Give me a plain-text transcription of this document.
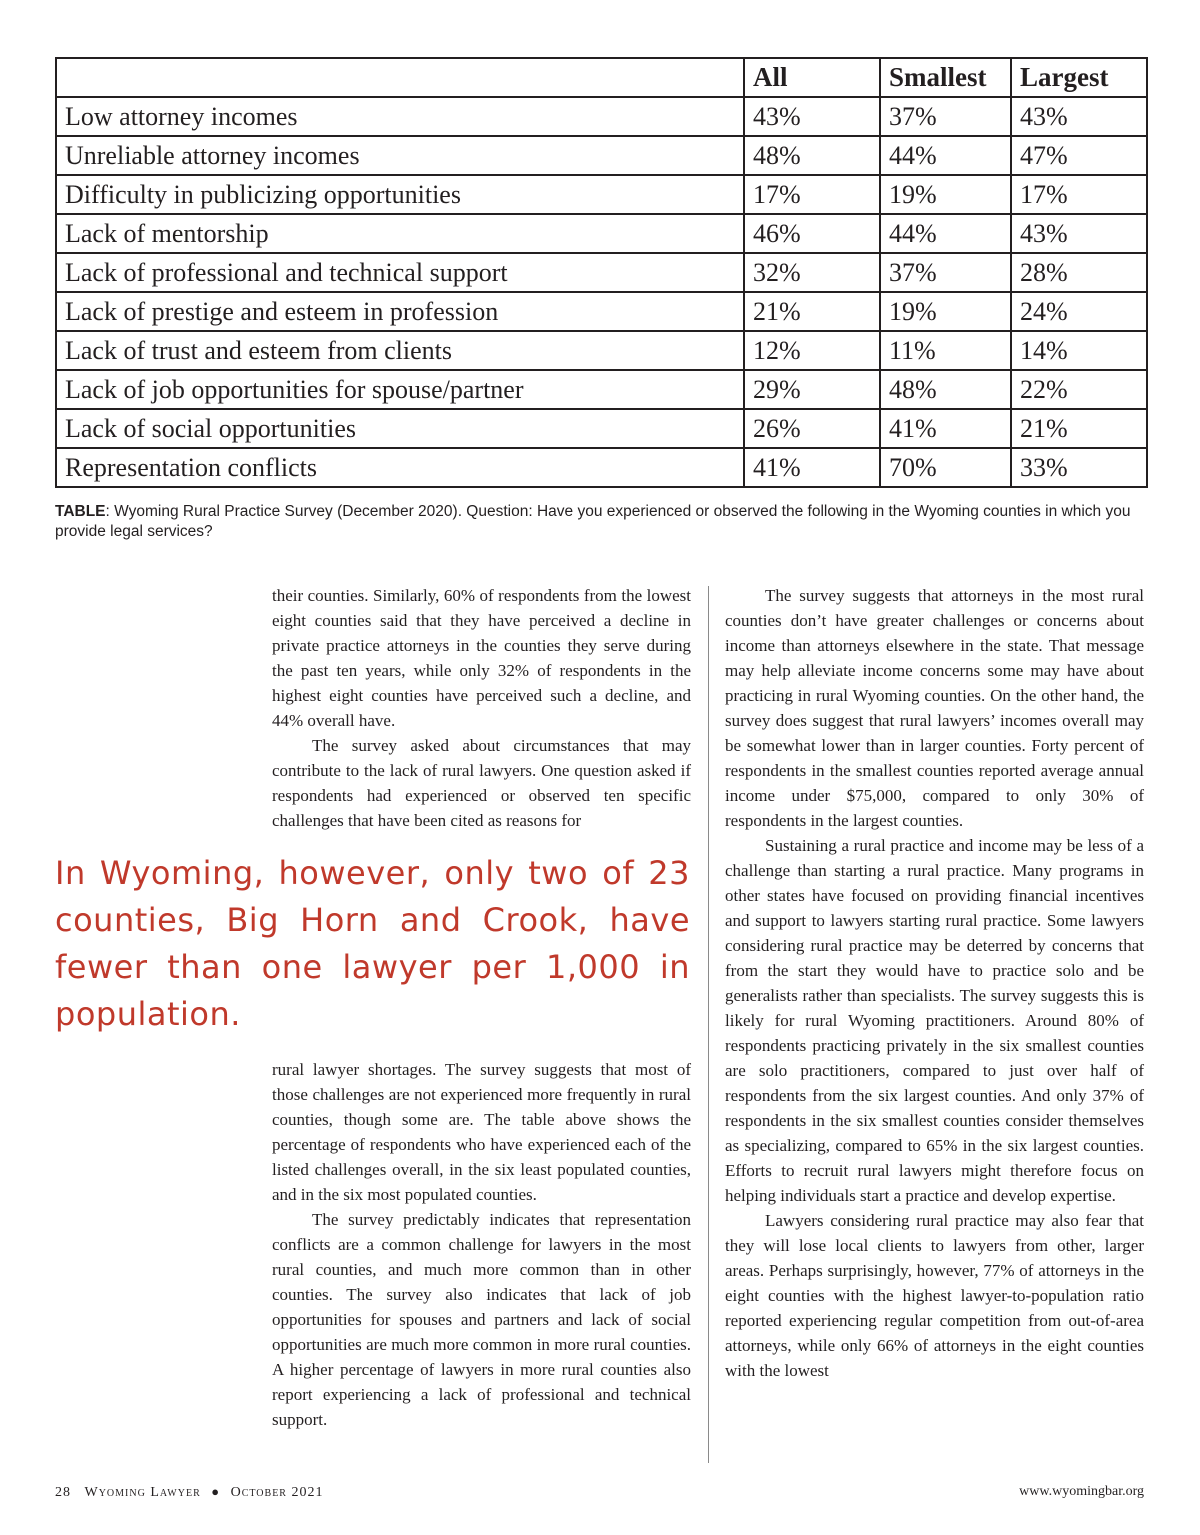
	All	Smallest	Largest
Low attorney incomes	43%	37%	43%
Unreliable attorney incomes	48%	44%	47%
Difficulty in publicizing opportunities	17%	19%	17%
Lack of mentorship	46%	44%	43%
Lack of professional and technical support	32%	37%	28%
Lack of prestige and esteem in profession	21%	19%	24%
Lack of trust and esteem from clients	12%	11%	14%
Lack of job opportunities for spouse/partner	29%	48%	22%
Lack of social opportunities	26%	41%	21%
Representation conflicts	41%	70%	33%
TABLE: Wyoming Rural Practice Survey (December 2020). Question: Have you experienced or observed the following in the Wyoming counties in which you provide legal services?

their counties. Similarly, 60% of respondents from the lowest eight counties said that they have perceived a decline in private practice attorneys in the counties they serve during the past ten years, while only 32% of respondents in the highest eight counties have perceived such a decline, and 44% overall have.

The survey asked about circumstances that may contribute to the lack of rural lawyers. One question asked if respondents had experienced or observed ten specific challenges that have been cited as reasons for

In Wyoming, however, only two of 23 counties, Big Horn and Crook, have fewer than one lawyer per 1,000 in population.

rural lawyer shortages. The survey suggests that most of those challenges are not experienced more frequently in rural counties, though some are. The table above shows the percentage of respondents who have experienced each of the listed challenges overall, in the six least populated counties, and in the six most populated counties.

The survey predictably indicates that representation conflicts are a common challenge for lawyers in the most rural counties, and much more common than in other counties. The survey also indicates that lack of job opportunities for spouses and partners and lack of social opportunities are much more common in more rural counties. A higher percentage of lawyers in more rural counties also report experiencing a lack of professional and technical support.

The survey suggests that attorneys in the most rural counties don’t have greater challenges or concerns about income than attorneys elsewhere in the state. That message may help alleviate income concerns some may have about practicing in rural Wyoming counties. On the other hand, the survey does suggest that rural lawyers’ incomes overall may be somewhat lower than in larger counties. Forty percent of respondents in the smallest counties reported average annual income under $75,000, compared to only 30% of respondents in the largest counties.

Sustaining a rural practice and income may be less of a challenge than starting a rural practice. Many programs in other states have focused on providing financial incentives and support to lawyers starting rural practice. Some lawyers considering rural practice may be deterred by concerns that from the start they would have to practice solo and be generalists rather than specialists. The survey suggests this is likely for rural Wyoming practitioners. Around 80% of respondents practicing privately in the six smallest counties are solo practitioners, compared to just over half of respondents from the six largest counties. And only 37% of respondents in the six smallest counties consider themselves as specializing, compared to 65% in the six largest counties. Efforts to recruit rural lawyers might therefore focus on helping individuals start a practice and develop expertise.

Lawyers considering rural practice may also fear that they will lose local clients to lawyers from other, larger areas. Perhaps surprisingly, however, 77% of attorneys in the eight counties with the highest lawyer-to-population ratio reported experiencing regular competition from out-of-area attorneys, while only 66% of attorneys in the eight counties with the lowest

28 Wyoming Lawyer ● October 2021	www.wyomingbar.org
